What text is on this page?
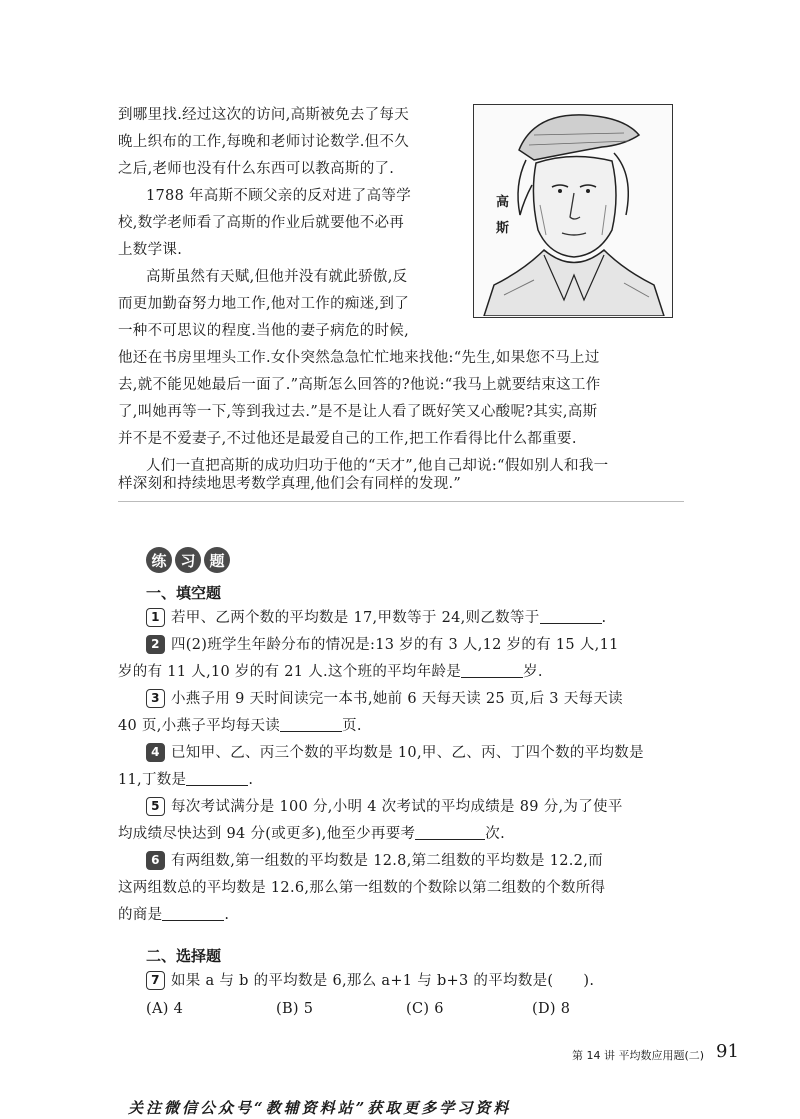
到哪里找.经过这次的访问,高斯被免去了每天
晚上织布的工作,每晚和老师讨论数学.但不久
之后,老师也没有什么东西可以教高斯的了.
1788 年高斯不顾父亲的反对进了高等学
校,数学老师看了高斯的作业后就要他不必再
上数学课.
高斯虽然有天赋,但他并没有就此骄傲,反
而更加勤奋努力地工作,他对工作的痴迷,到了
一种不可思议的程度.当他的妻子病危的时候,
他还在书房里埋头工作.女仆突然急急忙忙地来找他:“先生,如果您不马上过
去,就不能见她最后一面了.”高斯怎么回答的?他说:“我马上就要结束这工作
了,叫她再等一下,等到我过去.”是不是让人看了既好笑又心酸呢?其实,高斯
并不是不爱妻子,不过他还是最爱自己的工作,把工作看得比什么都重要.
人们一直把高斯的成功归功于他的“天才”,他自己却说:“假如别人和我一
样深刻和持续地思考数学真理,他们会有同样的发现.”
高
斯
练 习 题
一、填空题
1 若甲、乙两个数的平均数是 17,甲数等于 24,则乙数等于	.
2 四(2)班学生年龄分布的情况是:13 岁的有 3 人,12 岁的有 15 人,11
岁的有 11 人,10 岁的有 21 人.这个班的平均年龄是	岁.
3 小燕子用 9 天时间读完一本书,她前 6 天每天读 25 页,后 3 天每天读
40 页,小燕子平均每天读	页.
4 已知甲、乙、丙三个数的平均数是 10,甲、乙、丙、丁四个数的平均数是
11,丁数是	.
5 每次考试满分是 100 分,小明 4 次考试的平均成绩是 89 分,为了使平
均成绩尽快达到 94 分(或更多),他至少再要考	次.
6 有两组数,第一组数的平均数是 12.8,第二组数的平均数是 12.2,而
这两组数总的平均数是 12.6,那么第一组数的个数除以第二组数的个数所得
的商是	.
二、选择题
7 如果 a 与 b 的平均数是 6,那么 a+1 与 b+3 的平均数是( ).
(A) 4	(B) 5	(C) 6	(D) 8
第 14 讲 平均数应用题(二) 91
关注微信公众号“教辅资料站”获取更多学习资料
